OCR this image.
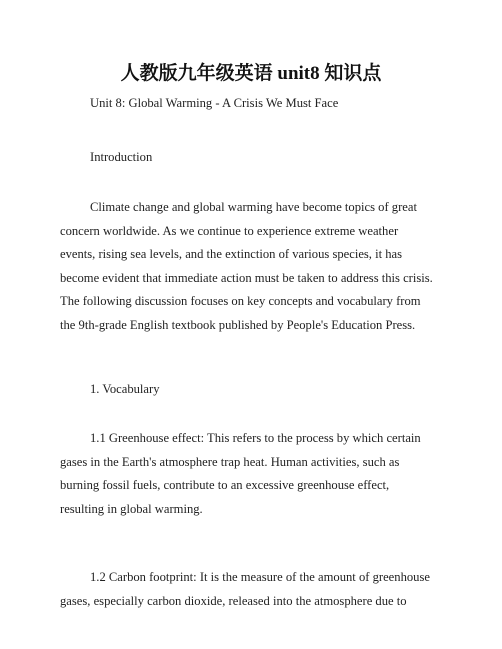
人教版九年级英语 unit8 知识点
Unit 8: Global Warming - A Crisis We Must Face
Introduction
Climate change and global warming have become topics of great concern worldwide. As we continue to experience extreme weather events, rising sea levels, and the extinction of various species, it has become evident that immediate action must be taken to address this crisis. The following discussion focuses on key concepts and vocabulary from the 9th-grade English textbook published by People's Education Press.
1. Vocabulary
1.1 Greenhouse effect: This refers to the process by which certain gases in the Earth's atmosphere trap heat. Human activities, such as burning fossil fuels, contribute to an excessive greenhouse effect, resulting in global warming.
1.2 Carbon footprint: It is the measure of the amount of greenhouse gases, especially carbon dioxide, released into the atmosphere due to
